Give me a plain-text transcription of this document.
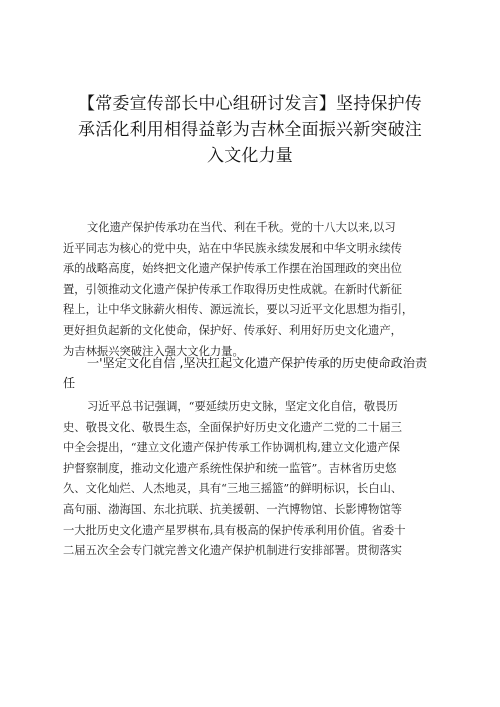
【常委宣传部长中心组研讨发言】坚持保护传
承活化利用相得益彰为吉林全面振兴新突破注
入文化力量
文化遗产保护传承功在当代、利在千秋。党的十八大以来,以习
近平同志为核心的党中央，站在中华民族永续发展和中华文明永续传
承的战略高度，始终把文化遗产保护传承工作摆在治国理政的突出位
置，引领推动文化遗产保护传承工作取得历史性成就。在新时代新征
程上，让中华文脉薪火相传、源远流长，要以习近平文化思想为指引，
更好担负起新的文化使命，保护好、传承好、利用好历史文化遗产，
为吉林振兴突破注入强大文化力量。
一'坚定文化自信 ,坚决扛起文化遗产保护传承的历史使命政治责
任
习近平总书记强调，“要延续历史文脉，坚定文化自信，敬畏历
史、敬畏文化、敬畏生态，全面保护好历史文化遗产二党的二十届三
中全会提出，“建立文化遗产保护传承工作协调机构,建立文化遗产保
护督察制度，推动文化遗产系统性保护和统一监管”。吉林省历史悠
久、文化灿烂、人杰地灵，具有“三地三摇篮”的鲜明标识，长白山、
高句丽、渤海国、东北抗联、抗美援朝、一汽博物馆、长影博物馆等
一大批历史文化遗产星罗棋布,具有极高的保护传承利用价值。省委十
二届五次全会专门就完善文化遗产保护机制进行安排部署。贯彻落实
